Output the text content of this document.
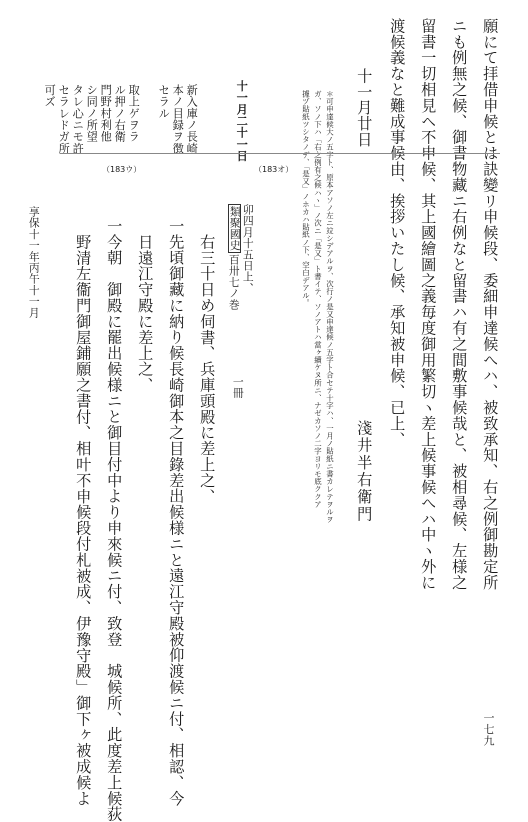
願にて拝借申候とは訣變リ申候段、委細申達候へハ、被致承知、右之例御勘定所
ニも例無之候、御書物藏ニ右例なと留書ハ有之間敷事候哉と、被相尋候、左様之
留書一切相見ヘ不申候、其上國繪圖之義毎度御用繁切ヽ差上候事候へハ中ヽ外に
渡候義なと難成事候由、挨拶いたし候、承知被申候、已上、
十一月廿日
淺井半右衛門
＊可申達候大ノ五字ト、原本アソノ左ニ竝シデアルヲ、次行ノ是又申達候ノ五字ト合セテ十字ハ、一月ノ貼紙ニ書カレテヲルヲ
ガ、ソノ下ハ「右之例有之候ハヽ」ノ次ニ「是又」ト書イテ、ソノアトハ當ヶ續ケヌ所ニ、ナゼカソノ二字ヨリモ底ククア
據ヅ貼紙ツシタノデ、「是又」ノホカハ貼紙ノ下、空白デアル。
十一月二十一日
新入庫ノ長崎
本ノ目録ヲ徴
セラル
取上ゲヲラ
ル押ノ右衛
門野村利他
シ同ノ所望
タレ心ニモ許
セラレドガ所
可ズ
（183ウ）	（183オ）
卯四月十五日上、
類聚國史
百卅七ノ巻
一冊
右三十日め伺書、兵庫頭殿に差上之、
一先頃御藏に納り候長崎御本之目錄差出候様ニと遠江守殿被仰渡候ニ付、相認、今
日遠江守殿に差上之、
一今朝　御殿に罷出候様ニと御目付中より申來候ニ付、致登　城候所、此度差上候荻
野清左衞門御屋鋪願之書付、相叶不申候段付札被成、伊豫守殿」御下ヶ被成候よ
享保十一年丙午十一月
一七九
